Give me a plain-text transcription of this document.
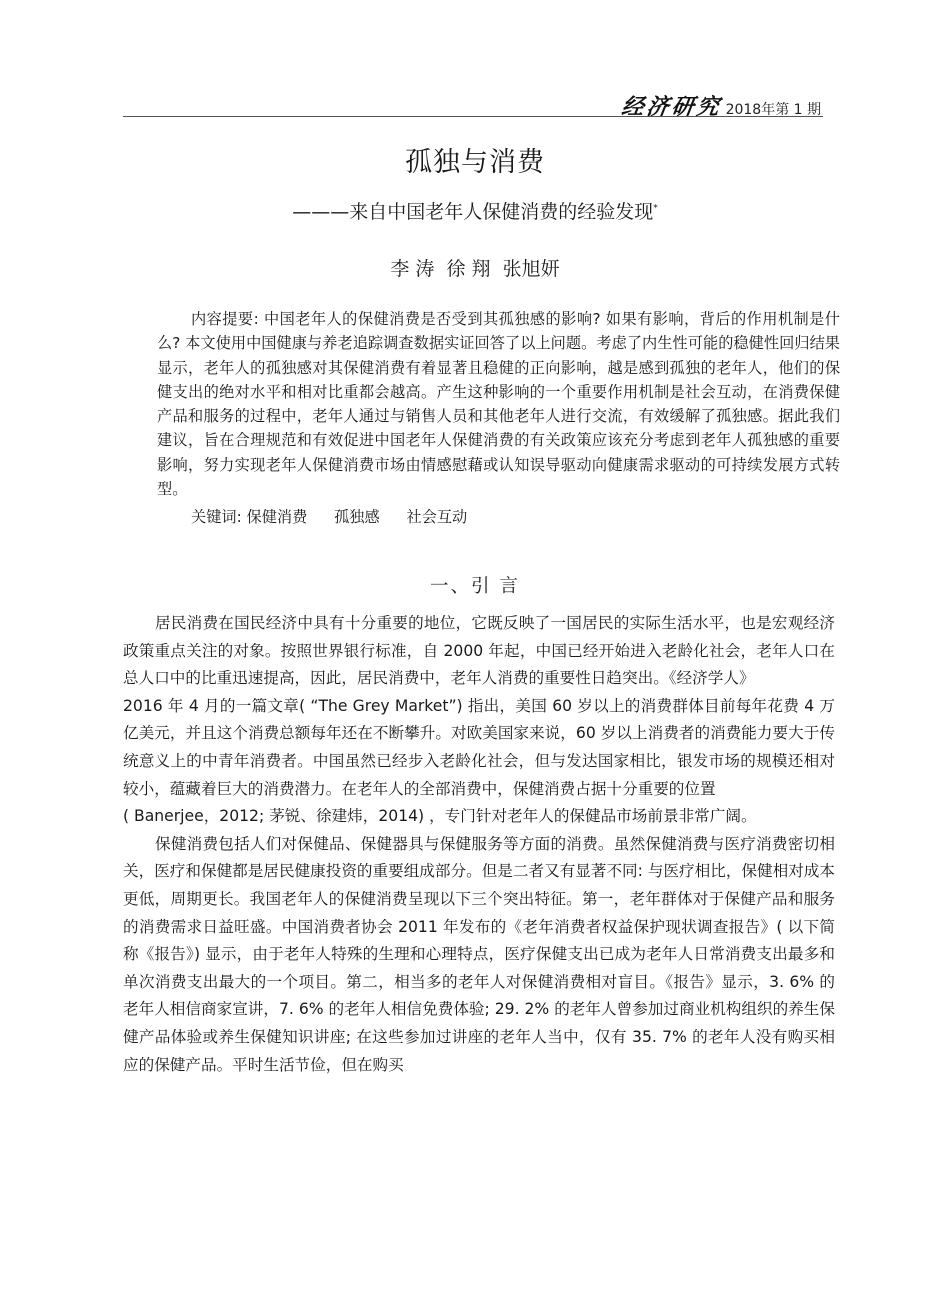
经济研究 2018年第 1 期
孤独与消费
———来自中国老年人保健消费的经验发现*
李 涛 徐 翔 张旭妍

内容提要: 中国老年人的保健消费是否受到其孤独感的影响? 如果有影响，背后的作用机制是什么? 本文使用中国健康与养老追踪调查数据实证回答了以上问题。考虑了内生性可能的稳健性回归结果显示，老年人的孤独感对其保健消费有着显著且稳健的正向影响，越是感到孤独的老年人，他们的保健支出的绝对水平和相对比重都会越高。产生这种影响的一个重要作用机制是社会互动，在消费保健产品和服务的过程中，老年人通过与销售人员和其他老年人进行交流，有效缓解了孤独感。据此我们建议，旨在合理规范和有效促进中国老年人保健消费的有关政策应该充分考虑到老年人孤独感的重要影响，努力实现老年人保健消费市场由情感慰藉或认知误导驱动向健康需求驱动的可持续发展方式转型。

关键词: 保健消费 孤独感 社会互动
一、引 言

居民消费在国民经济中具有十分重要的地位，它既反映了一国居民的实际生活水平，也是宏观经济政策重点关注的对象。按照世界银行标准，自 2000 年起，中国已经开始进入老龄化社会，老年人口在总人口中的比重迅速提高，因此，居民消费中，老年人消费的重要性日趋突出。《经济学人》

2016 年 4 月的一篇文章( “The Grey Market”) 指出，美国 60 岁以上的消费群体目前每年花费 4 万亿美元，并且这个消费总额每年还在不断攀升。对欧美国家来说，60 岁以上消费者的消费能力要大于传统意义上的中青年消费者。中国虽然已经步入老龄化社会，但与发达国家相比，银发市场的规模还相对较小，蕴藏着巨大的消费潜力。在老年人的全部消费中，保健消费占据十分重要的位置

( Banerjee，2012; 茅锐、徐建炜，2014) ，专门针对老年人的保健品市场前景非常广阔。

保健消费包括人们对保健品、保健器具与保健服务等方面的消费。虽然保健消费与医疗消费密切相关，医疗和保健都是居民健康投资的重要组成部分。但是二者又有显著不同: 与医疗相比，保健相对成本更低，周期更长。我国老年人的保健消费呈现以下三个突出特征。第一，老年群体对于保健产品和服务的消费需求日益旺盛。中国消费者协会 2011 年发布的《老年消费者权益保护现状调查报告》( 以下简称《报告》) 显示，由于老年人特殊的生理和心理特点，医疗保健支出已成为老年人日常消费支出最多和单次消费支出最大的一个项目。第二，相当多的老年人对保健消费相对盲目。《报告》显示，3. 6% 的老年人相信商家宣讲，7. 6% 的老年人相信免费体验; 29. 2% 的老年人曾参加过商业机构组织的养生保健产品体验或养生保健知识讲座; 在这些参加过讲座的老年人当中，仅有 35. 7% 的老年人没有购买相应的保健产品。平时生活节俭，但在购买
